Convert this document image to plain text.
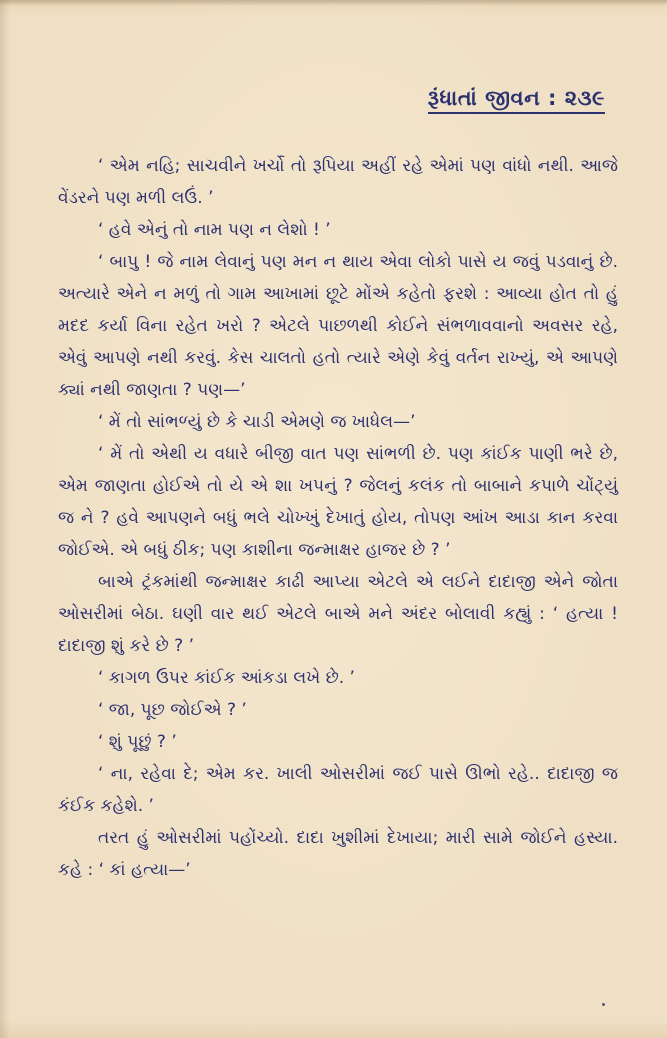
રૂંધાતાં જીવન : ૨૩૯

‘ એમ નહિ; સાચવીને ખર્ચો તો રૂપિયા અહીં રહે એમાં પણ વાંધો નથી. આજે વેંડરને પણ મળી લઉં. ’

‘ હવે એનું તો નામ પણ ન લેશો ! ’

‘ બાપુ ! જે નામ લેવાનું પણ મન ન થાય એવા લોકો પાસે ય જવું પડવાનું છે. અત્યારે એને ન મળું તો ગામ આખામાં છૂટે મોંએ કહેતો ફરશે : આવ્યા હોત તો હું મદદ કર્યા વિના રહેત ખરો ? એટલે પાછળથી કોઈને સંભળાવવાનો અવસર રહે, એવું આપણે નથી કરવું. કેસ ચાલતો હતો ત્યારે એણે કેવું વર્તન રાખ્યું, એ આપણે ક્યાં નથી જાણતા ? પણ—’

‘ મેં તો સાંભળ્યું છે કે ચાડી એમણે જ ખાધેલ—’

‘ મેં તો એથી ય વધારે બીજી વાત પણ સાંભળી છે. પણ કાંઈક પાણી ભરે છે, એમ જાણતા હોઈએ તો યે એ શા ખપનું ? જેલનું કલંક તો બાબાને કપાળે ચોંટ્યું જ ને ? હવે આપણને બધું ભલે ચોખ્ખું દેખાતું હોય, તોપણ આંખ આડા કાન કરવા જોઈએ. એ બધું ઠીક; પણ કાશીના જન્માક્ષર હાજર છે ? ’

બાએ ટ્રંકમાંથી જન્માક્ષર કાઢી આપ્યા એટલે એ લઈને દાદાજી એને જોતા ઓસરીમાં બેઠા. ઘણી વાર થઈ એટલે બાએ મને અંદર બોલાવી કહ્યું : ‘ હત્યા ! દાદાજી શું કરે છે ? ’

‘ કાગળ ઉપર કાંઈક આંકડા લખે છે. ’

‘ જા, પૂછ જોઈએ ? ’

‘ શું પૂછું ? ’

‘ ના, રહેવા દે; એમ કર. ખાલી ઓસરીમાં જઈ પાસે ઊભો રહે.. દાદાજી જ કંઈક કહેશે. ’

તરત હું ઓસરીમાં પહોંચ્યો. દાદા ખુશીમાં દેખાયા; મારી સામે જોઈને હસ્યા. કહે : ‘ કાં હત્યા—’
